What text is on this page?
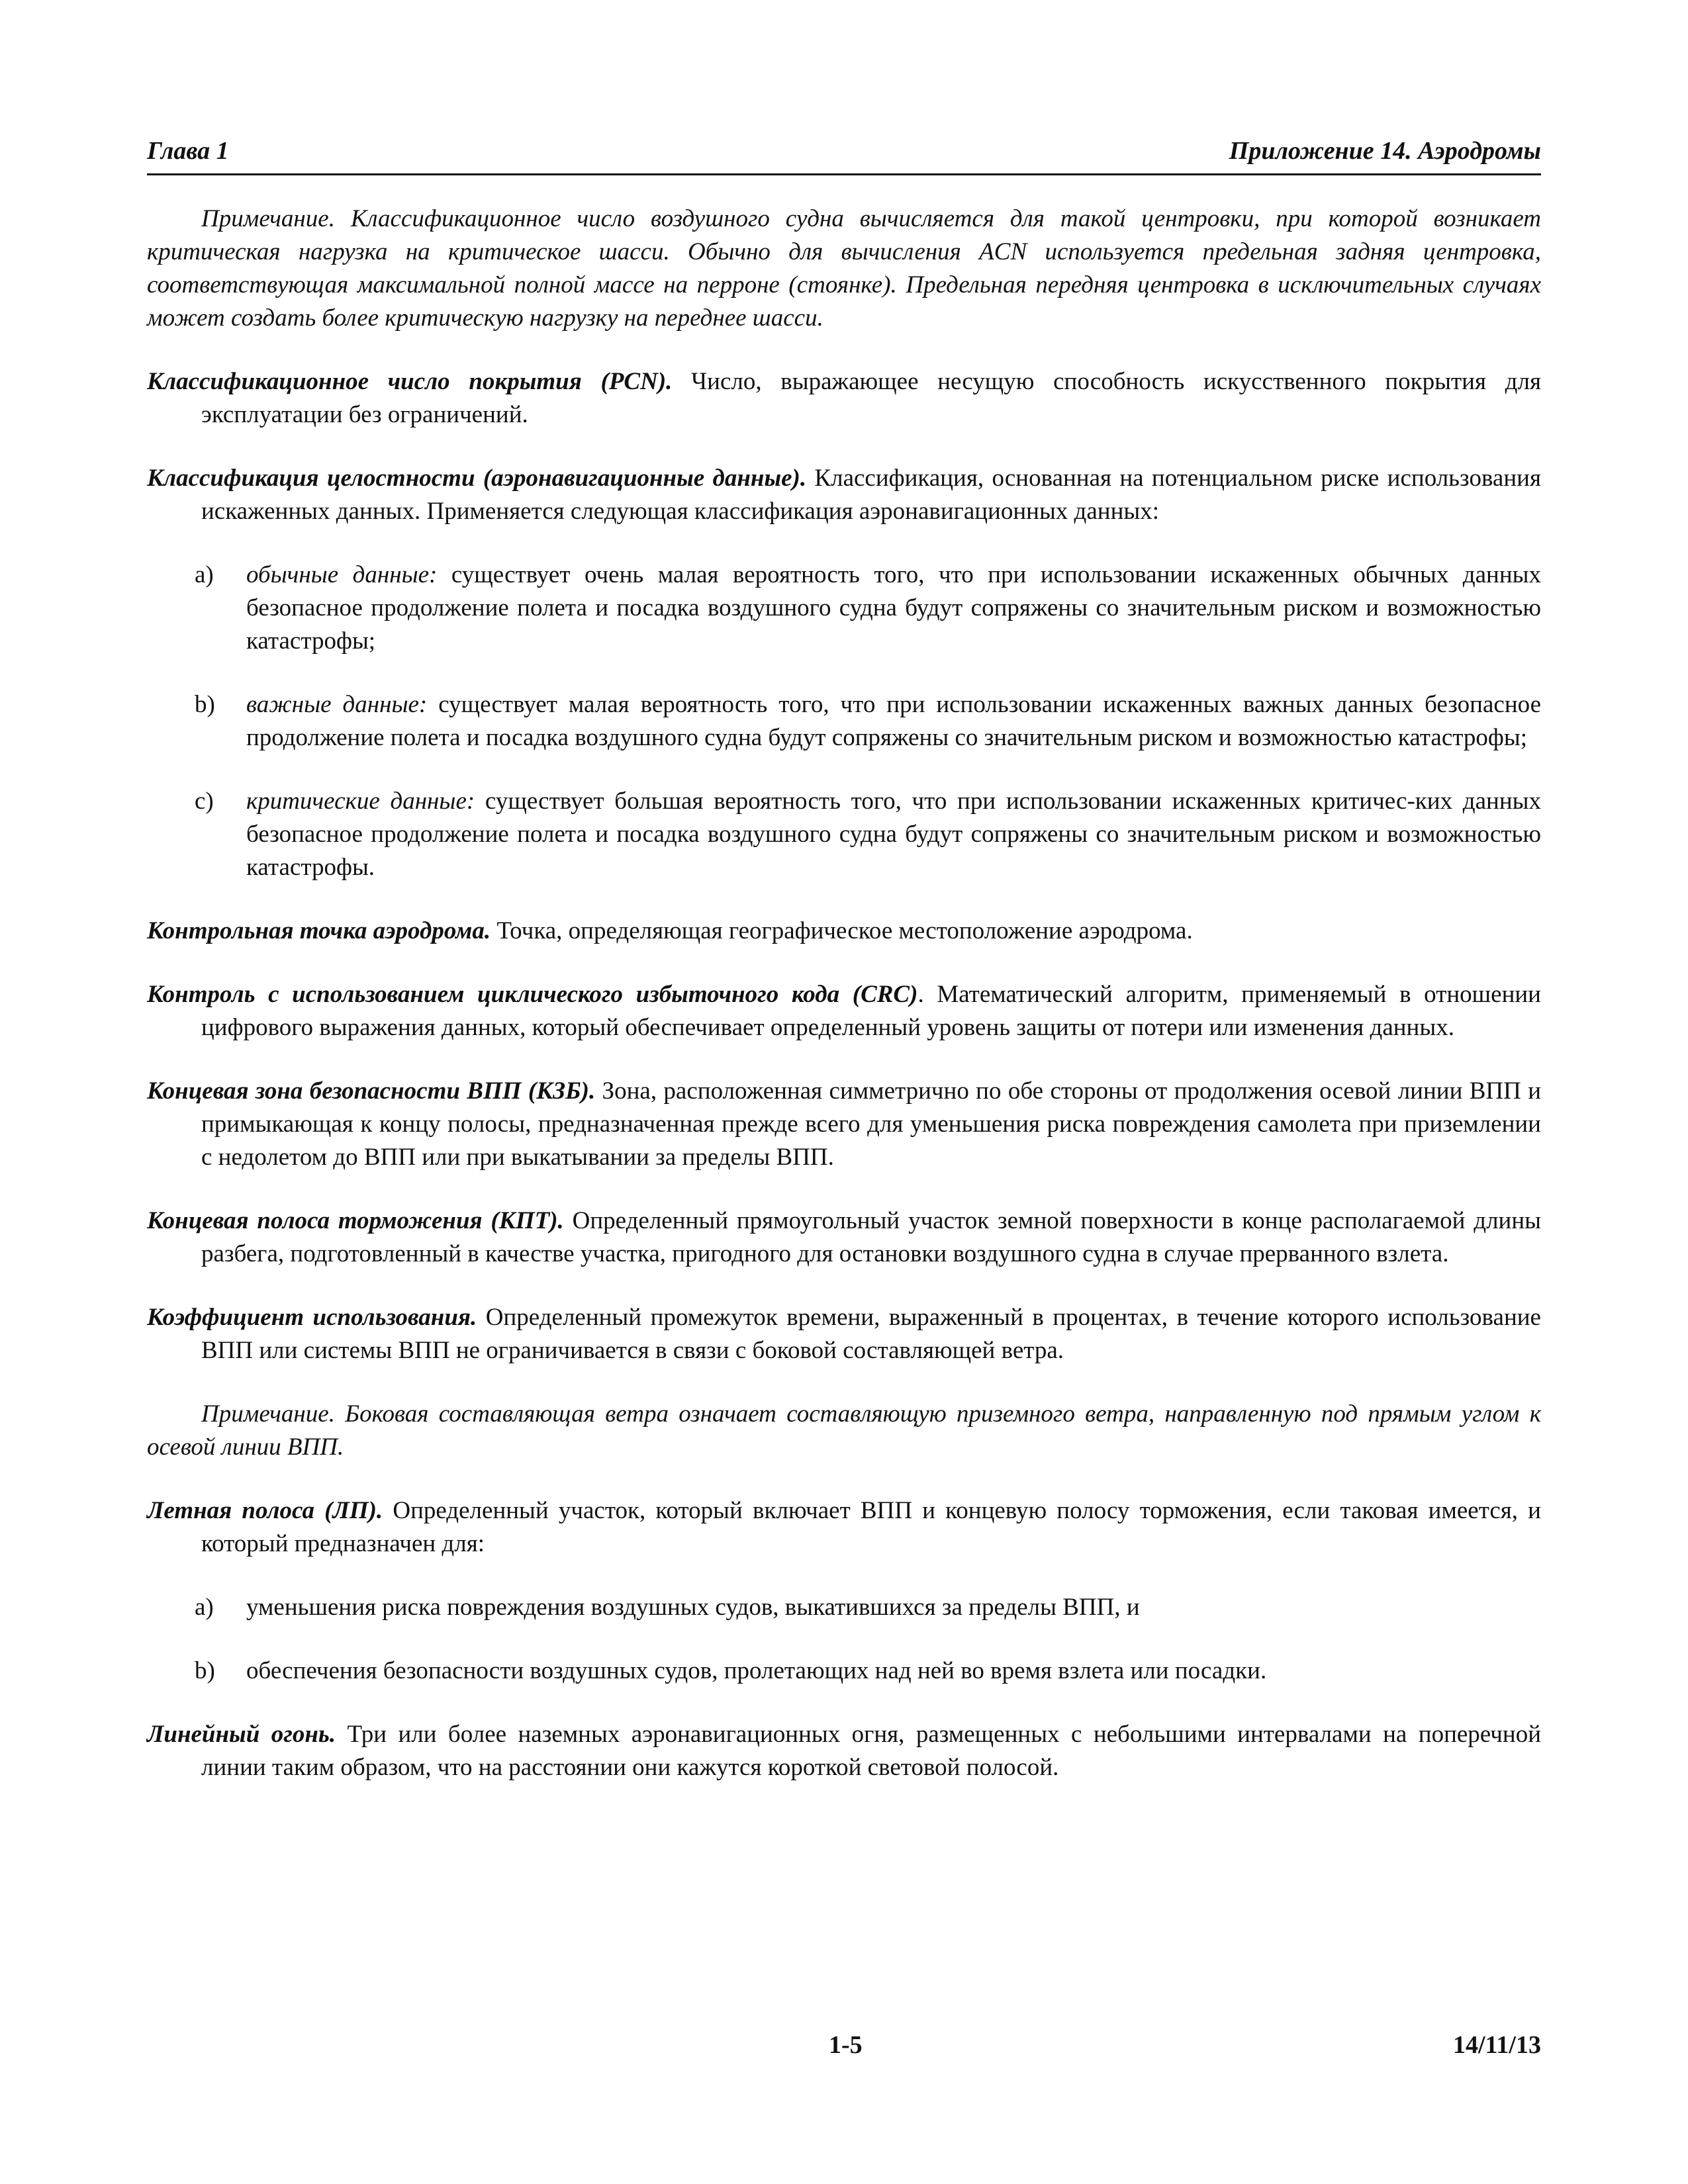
Глава 1	Приложение 14. Аэродромы

Примечание. Классификационное число воздушного судна вычисляется для такой центровки, при которой возникает критическая нагрузка на критическое шасси. Обычно для вычисления ACN используется предельная задняя центровка, соответствующая максимальной полной массе на перроне (стоянке). Предельная передняя центровка в исключительных случаях может создать более критическую нагрузку на переднее шасси.

Классификационное число покрытия (PCN). Число, выражающее несущую способность искусственного покрытия для эксплуатации без ограничений.

Классификация целостности (аэронавигационные данные). Классификация, основанная на потенциальном риске использования искаженных данных. Применяется следующая классификация аэронавигационных данных:

a) обычные данные: существует очень малая вероятность того, что при использовании искаженных обычных данных безопасное продолжение полета и посадка воздушного судна будут сопряжены со значительным риском и возможностью катастрофы;

b) важные данные: существует малая вероятность того, что при использовании искаженных важных данных безопасное продолжение полета и посадка воздушного судна будут сопряжены со значительным риском и возможностью катастрофы;

c) критические данные: существует большая вероятность того, что при использовании искаженных критичес-ких данных безопасное продолжение полета и посадка воздушного судна будут сопряжены со значительным риском и возможностью катастрофы.

Контрольная точка аэродрома. Точка, определяющая географическое местоположение аэродрома.

Контроль с использованием циклического избыточного кода (CRC). Математический алгоритм, применяемый в отношении цифрового выражения данных, который обеспечивает определенный уровень защиты от потери или изменения данных.

Концевая зона безопасности ВПП (КЗБ). Зона, расположенная симметрично по обе стороны от продолжения осевой линии ВПП и примыкающая к концу полосы, предназначенная прежде всего для уменьшения риска повреждения самолета при приземлении с недолетом до ВПП или при выкатывании за пределы ВПП.

Концевая полоса торможения (КПТ). Определенный прямоугольный участок земной поверхности в конце располагаемой длины разбега, подготовленный в качестве участка, пригодного для остановки воздушного судна в случае прерванного взлета.

Коэффициент использования. Определенный промежуток времени, выраженный в процентах, в течение которого использование ВПП или системы ВПП не ограничивается в связи с боковой составляющей ветра.

Примечание. Боковая составляющая ветра означает составляющую приземного ветра, направленную под прямым углом к осевой линии ВПП.

Летная полоса (ЛП). Определенный участок, который включает ВПП и концевую полосу торможения, если таковая имеется, и который предназначен для:

a) уменьшения риска повреждения воздушных судов, выкатившихся за пределы ВПП, и

b) обеспечения безопасности воздушных судов, пролетающих над ней во время взлета или посадки.

Линейный огонь. Три или более наземных аэронавигационных огня, размещенных с небольшими интервалами на поперечной линии таким образом, что на расстоянии они кажутся короткой световой полосой.

1-5	14/11/13
